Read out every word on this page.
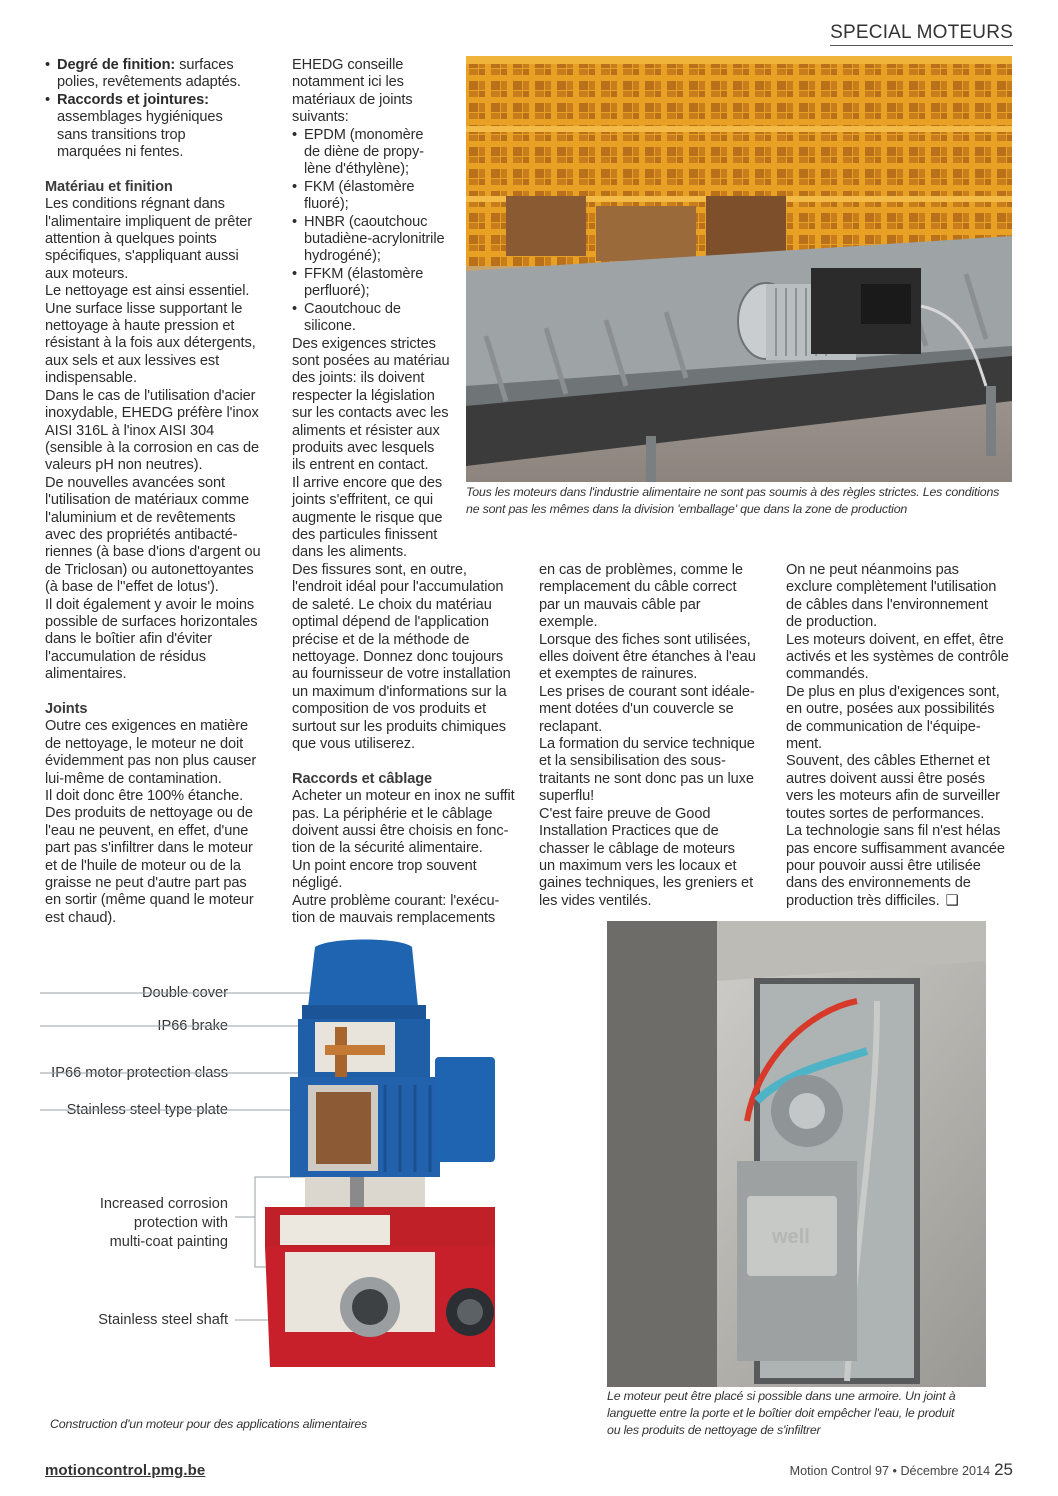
SPECIAL MOTEURS
• Degré de finition: surfaces
polies, revêtements adaptés.
• Raccords et jointures:
assemblages hygiéniques
sans transitions trop
marquées ni fentes.
Matériau et finition

Les conditions régnant dans

l'alimentaire impliquent de prêter

attention à quelques points

spécifiques, s'appliquant aussi

aux moteurs.

Le nettoyage est ainsi essentiel.

Une surface lisse supportant le

nettoyage à haute pression et

résistant à la fois aux détergents,

aux sels et aux lessives est

indispensable.

Dans le cas de l'utilisation d'acier

inoxydable, EHEDG préfère l'inox

AISI 316L à l'inox AISI 304

(sensible à la corrosion en cas de

valeurs pH non neutres).

De nouvelles avancées sont

l'utilisation de matériaux comme

l'aluminium et de revêtements

avec des propriétés antibacté-

riennes (à base d'ions d'argent ou

de Triclosan) ou autonettoyantes

(à base de l''effet de lotus').

Il doit également y avoir le moins

possible de surfaces horizontales

dans le boîtier afin d'éviter

l'accumulation de résidus

alimentaires.

Joints

Outre ces exigences en matière

de nettoyage, le moteur ne doit

évidemment pas non plus causer

lui-même de contamination.

Il doit donc être 100% étanche.

Des produits de nettoyage ou de

l'eau ne peuvent, en effet, d'une

part pas s'infiltrer dans le moteur

et de l'huile de moteur ou de la

graisse ne peut d'autre part pas

en sortir (même quand le moteur

est chaud).

EHEDG conseille

notamment ici les

matériaux de joints

suivants:

• EPDM (monomère
de diène de propy-
lène d'éthylène);
• FKM (élastomère
fluoré);
• HNBR (caoutchouc
butadiène-acrylonitrile
hydrogéné);
• FFKM (élastomère
perfluoré);
• Caoutchouc de
silicone.

Des exigences strictes

sont posées au matériau

des joints: ils doivent

respecter la législation

sur les contacts avec les

aliments et résister aux

produits avec lesquels

ils entrent en contact.

Il arrive encore que des

joints s'effritent, ce qui

augmente le risque que

des particules finissent

dans les aliments.

Des fissures sont, en outre,

l'endroit idéal pour l'accumulation

de saleté. Le choix du matériau

optimal dépend de l'application

précise et de la méthode de

nettoyage. Donnez donc toujours

au fournisseur de votre installation

un maximum d'informations sur la

composition de vos produits et

surtout sur les produits chimiques

que vous utiliserez.

Raccords et câblage

Acheter un moteur en inox ne suffit

pas. La périphérie et le câblage

doivent aussi être choisis en fonc-

tion de la sécurité alimentaire.

Un point encore trop souvent

négligé.

Autre problème courant: l'exécu-

tion de mauvais remplacements

en cas de problèmes, comme le

remplacement du câble correct

par un mauvais câble par

exemple.

Lorsque des fiches sont utilisées,

elles doivent être étanches à l'eau

et exemptes de rainures.

Les prises de courant sont idéale-

ment dotées d'un couvercle se

reclapant.

La formation du service technique

et la sensibilisation des sous-

traitants ne sont donc pas un luxe

superflu!

C'est faire preuve de Good

Installation Practices que de

chasser le câblage de moteurs

un maximum vers les locaux et

gaines techniques, les greniers et

les vides ventilés.

On ne peut néanmoins pas

exclure complètement l'utilisation

de câbles dans l'environnement

de production.

Les moteurs doivent, en effet, être

activés et les systèmes de contrôle

commandés.

De plus en plus d'exigences sont,

en outre, posées aux possibilités

de communication de l'équipe-

ment.

Souvent, des câbles Ethernet et

autres doivent aussi être posés

vers les moteurs afin de surveiller

toutes sortes de performances.

La technologie sans fil n'est hélas

pas encore suffisamment avancée

pour pouvoir aussi être utilisée

dans des environnements de

production très difficiles. ❑

Tous les moteurs dans l'industrie alimentaire ne sont pas soumis à des règles strictes. Les conditions
ne sont pas les mêmes dans la division 'emballage' que dans la zone de production
Double cover
IP66 brake
IP66 motor protection class
Stainless steel type plate
Increased corrosion
protection with
multi-coat painting
Stainless steel shaft
Construction d'un moteur pour des applications alimentaires
well
Le moteur peut être placé si possible dans une armoire. Un joint à
languette entre la porte et le boîtier doit empêcher l'eau, le produit
ou les produits de nettoyage de s'infiltrer
motioncontrol.pmg.be	Motion Control 97 • Décembre 2014 25
